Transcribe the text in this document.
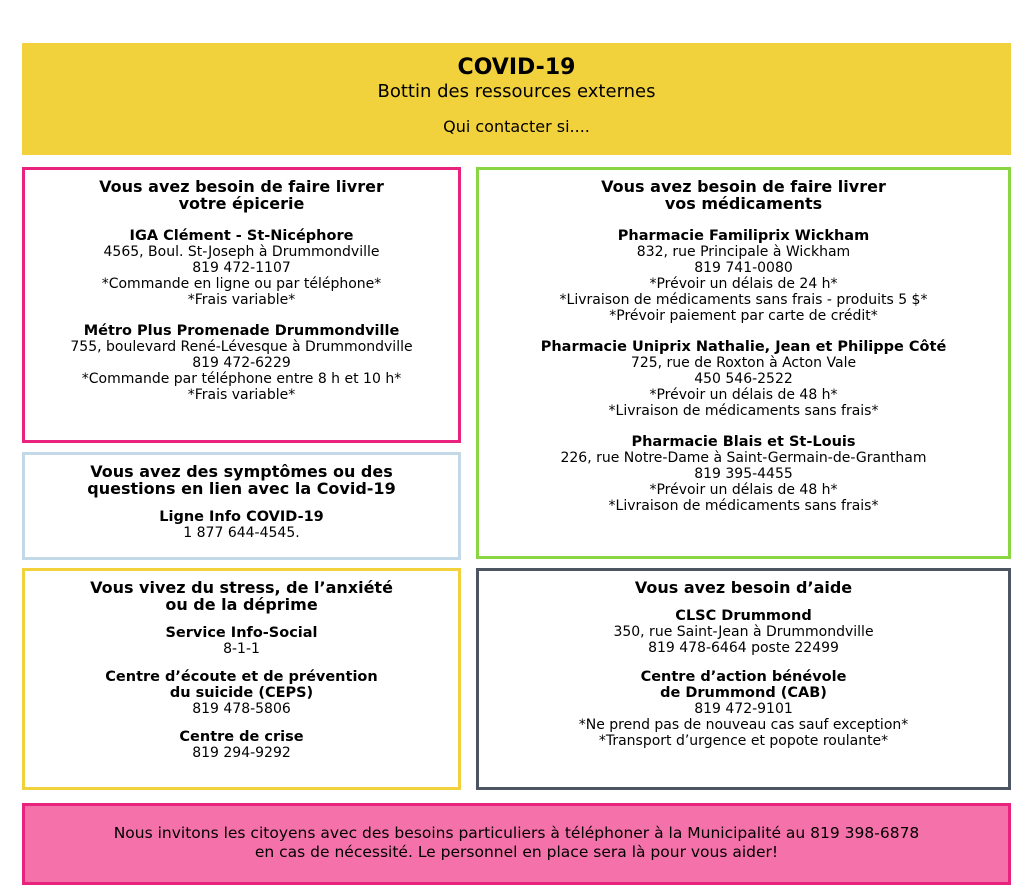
COVID-19
Bottin des ressources externes
Qui contacter si....
Vous avez besoin de faire livrer
votre épicerie
IGA Clément - St-Nicéphore
4565, Boul. St-Joseph à Drummondville
819 472-1107
*Commande en ligne ou par téléphone*
*Frais variable*
Métro Plus Promenade Drummondville
755, boulevard René-Lévesque à Drummondville
819 472-6229
*Commande par téléphone entre 8 h et 10 h*
*Frais variable*
Vous avez des symptômes ou des
questions en lien avec la Covid-19
Ligne Info COVID-19
1 877 644-4545.
Vous avez besoin de faire livrer
vos médicaments
Pharmacie Familiprix Wickham
832, rue Principale à Wickham
819 741-0080
*Prévoir un délais de 24 h*
*Livraison de médicaments sans frais - produits 5 $*
*Prévoir paiement par carte de crédit*
Pharmacie Uniprix Nathalie, Jean et Philippe Côté
725, rue de Roxton à Acton Vale
450 546-2522
*Prévoir un délais de 48 h*
*Livraison de médicaments sans frais*
Pharmacie Blais et St-Louis
226, rue Notre-Dame à Saint-Germain-de-Grantham
819 395-4455
*Prévoir un délais de 48 h*
*Livraison de médicaments sans frais*
Vous vivez du stress, de l’anxiété
ou de la déprime
Service Info-Social
8-1-1
Centre d’écoute et de prévention
du suicide (CEPS)
819 478-5806
Centre de crise
819 294-9292
Vous avez besoin d’aide
CLSC Drummond
350, rue Saint-Jean à Drummondville
819 478-6464 poste 22499
Centre d’action bénévole
de Drummond (CAB)
819 472-9101
*Ne prend pas de nouveau cas sauf exception*
*Transport d’urgence et popote roulante*
Nous invitons les citoyens avec des besoins particuliers à téléphoner à la Municipalité au 819 398-6878
en cas de nécessité. Le personnel en place sera là pour vous aider!
